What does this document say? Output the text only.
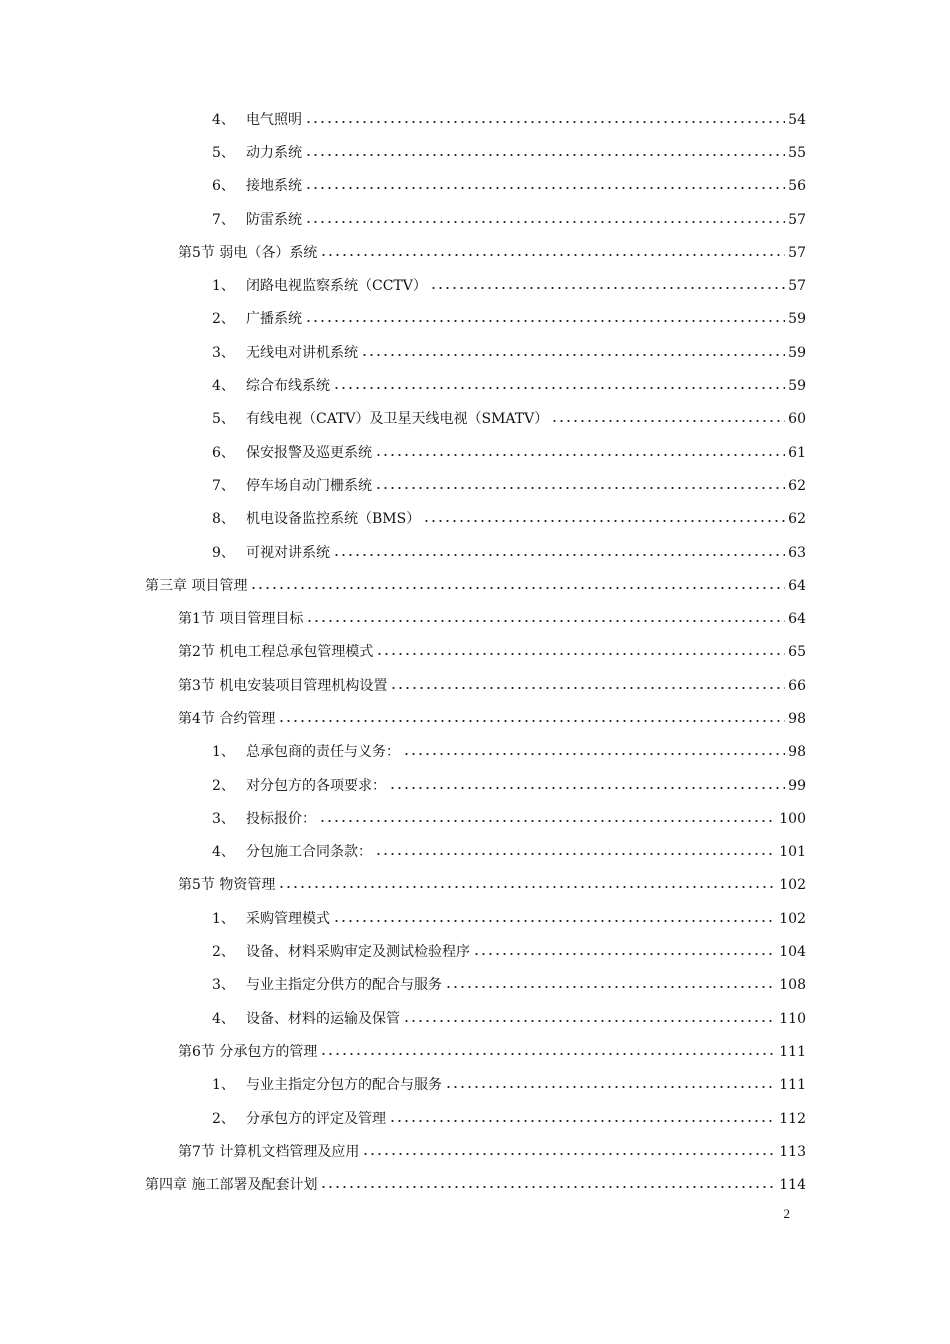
4、 电气照明	54
5、 动力系统	55
6、 接地系统	56
7、 防雷系统	57
第5节 弱电（各）系统	57
1、 闭路电视监察系统（CCTV）	57
2、 广播系统	59
3、 无线电对讲机系统	59
4、 综合布线系统	59
5、 有线电视（CATV）及卫星天线电视（SMATV）	60
6、 保安报警及巡更系统	61
7、 停车场自动门栅系统	62
8、 机电设备监控系统（BMS）	62
9、 可视对讲系统	63
第三章 项目管理	64
第1节 项目管理目标	64
第2节 机电工程总承包管理模式	65
第3节 机电安装项目管理机构设置	66
第4节 合约管理	98
1、 总承包商的责任与义务：	98
2、 对分包方的各项要求：	99
3、 投标报价：	100
4、 分包施工合同条款：	101
第5节 物资管理	102
1、 采购管理模式	102
2、 设备、材料采购审定及测试检验程序	104
3、 与业主指定分供方的配合与服务	108
4、 设备、材料的运输及保管	110
第6节 分承包方的管理	111
1、 与业主指定分包方的配合与服务	111
2、 分承包方的评定及管理	112
第7节 计算机文档管理及应用	113
第四章 施工部署及配套计划	114
2
